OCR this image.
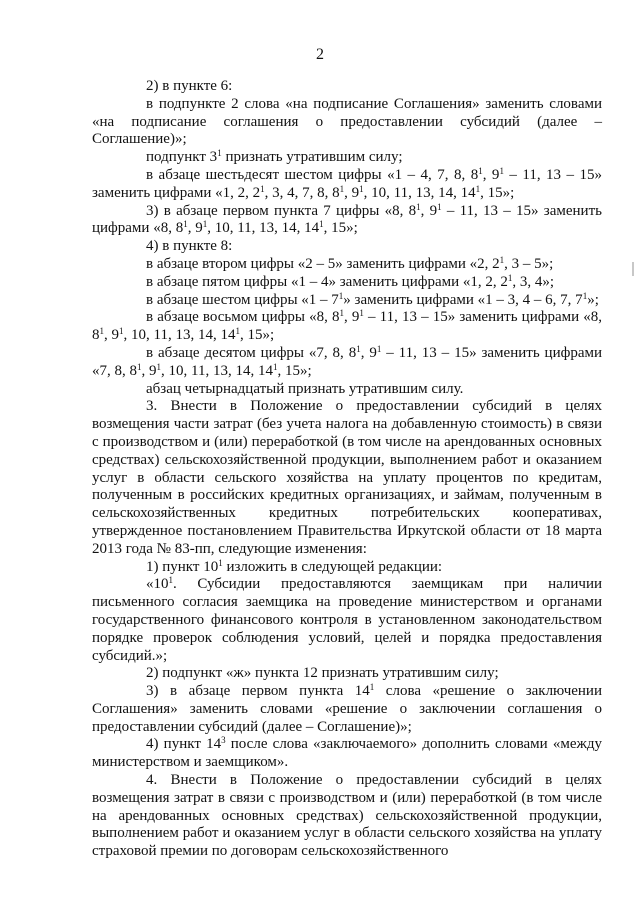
2

2) в пункте 6:

в подпункте 2 слова «на подписание Соглашения» заменить словами «на подписание соглашения о предоставлении субсидий (далее – Соглашение)»;

подпункт $3^1$ признать утратившим силу;

в абзаце шестьдесят шестом цифры «1 – 4, 7, 8, $8^1$, $9^1 - 11$, 13 – 15» заменить цифрами «1, 2, $2^1$, 3, 4, 7, 8, $8^1$, $9^1$, 10, 11, 13, 14, $14^1$, 15»;

3) в абзаце первом пункта 7 цифры «8, $8^1$, $9^1 - 11$, 13 – 15» заменить цифрами «8, $8^1$, $9^1$, 10, 11, 13, 14, $14^1$, 15»;

4) в пункте 8:

в абзаце втором цифры «2 – 5» заменить цифрами «2, $2^1$, 3 – 5»;

в абзаце пятом цифры «1 – 4» заменить цифрами «1, 2, $2^1$, 3, 4»;

в абзаце шестом цифры «$1 - 7^1$» заменить цифрами «1 – 3, 4 – 6, 7, $7^1$»;

в абзаце восьмом цифры «8, $8^1$, $9^1 - 11$, 13 – 15» заменить цифрами «8, $8^1$, $9^1$, 10, 11, 13, 14, $14^1$, 15»;

в абзаце десятом цифры «7, 8, $8^1$, $9^1 - 11$, 13 – 15» заменить цифрами «7, 8, $8^1$, $9^1$, 10, 11, 13, 14, $14^1$, 15»;

абзац четырнадцатый признать утратившим силу.

3. Внести в Положение о предоставлении субсидий в целях возмещения части затрат (без учета налога на добавленную стоимость) в связи с производством и (или) переработкой (в том числе на арендованных основных средствах) сельскохозяйственной продукции, выполнением работ и оказанием услуг в области сельского хозяйства на уплату процентов по кредитам, полученным в российских кредитных организациях, и займам, полученным в сельскохозяйственных кредитных потребительских кооперативах, утвержденное постановлением Правительства Иркутской области от 18 марта 2013 года № 83-пп, следующие изменения:

1) пункт $10^1$ изложить в следующей редакции:

«$10^1$. Субсидии предоставляются заемщикам при наличии письменного согласия заемщика на проведение министерством и органами государственного финансового контроля в установленном законодательством порядке проверок соблюдения условий, целей и порядка предоставления субсидий.»;

2) подпункт «ж» пункта 12 признать утратившим силу;

3) в абзаце первом пункта $14^1$ слова «решение о заключении Соглашения» заменить словами «решение о заключении соглашения о предоставлении субсидий (далее – Соглашение)»;

4) пункт $14^3$ после слова «заключаемого» дополнить словами «между министерством и заемщиком».

4. Внести в Положение о предоставлении субсидий в целях возмещения затрат в связи с производством и (или) переработкой (в том числе на арендованных основных средствах) сельскохозяйственной продукции, выполнением работ и оказанием услуг в области сельского хозяйства на уплату страховой премии по договорам сельскохозяйственного
